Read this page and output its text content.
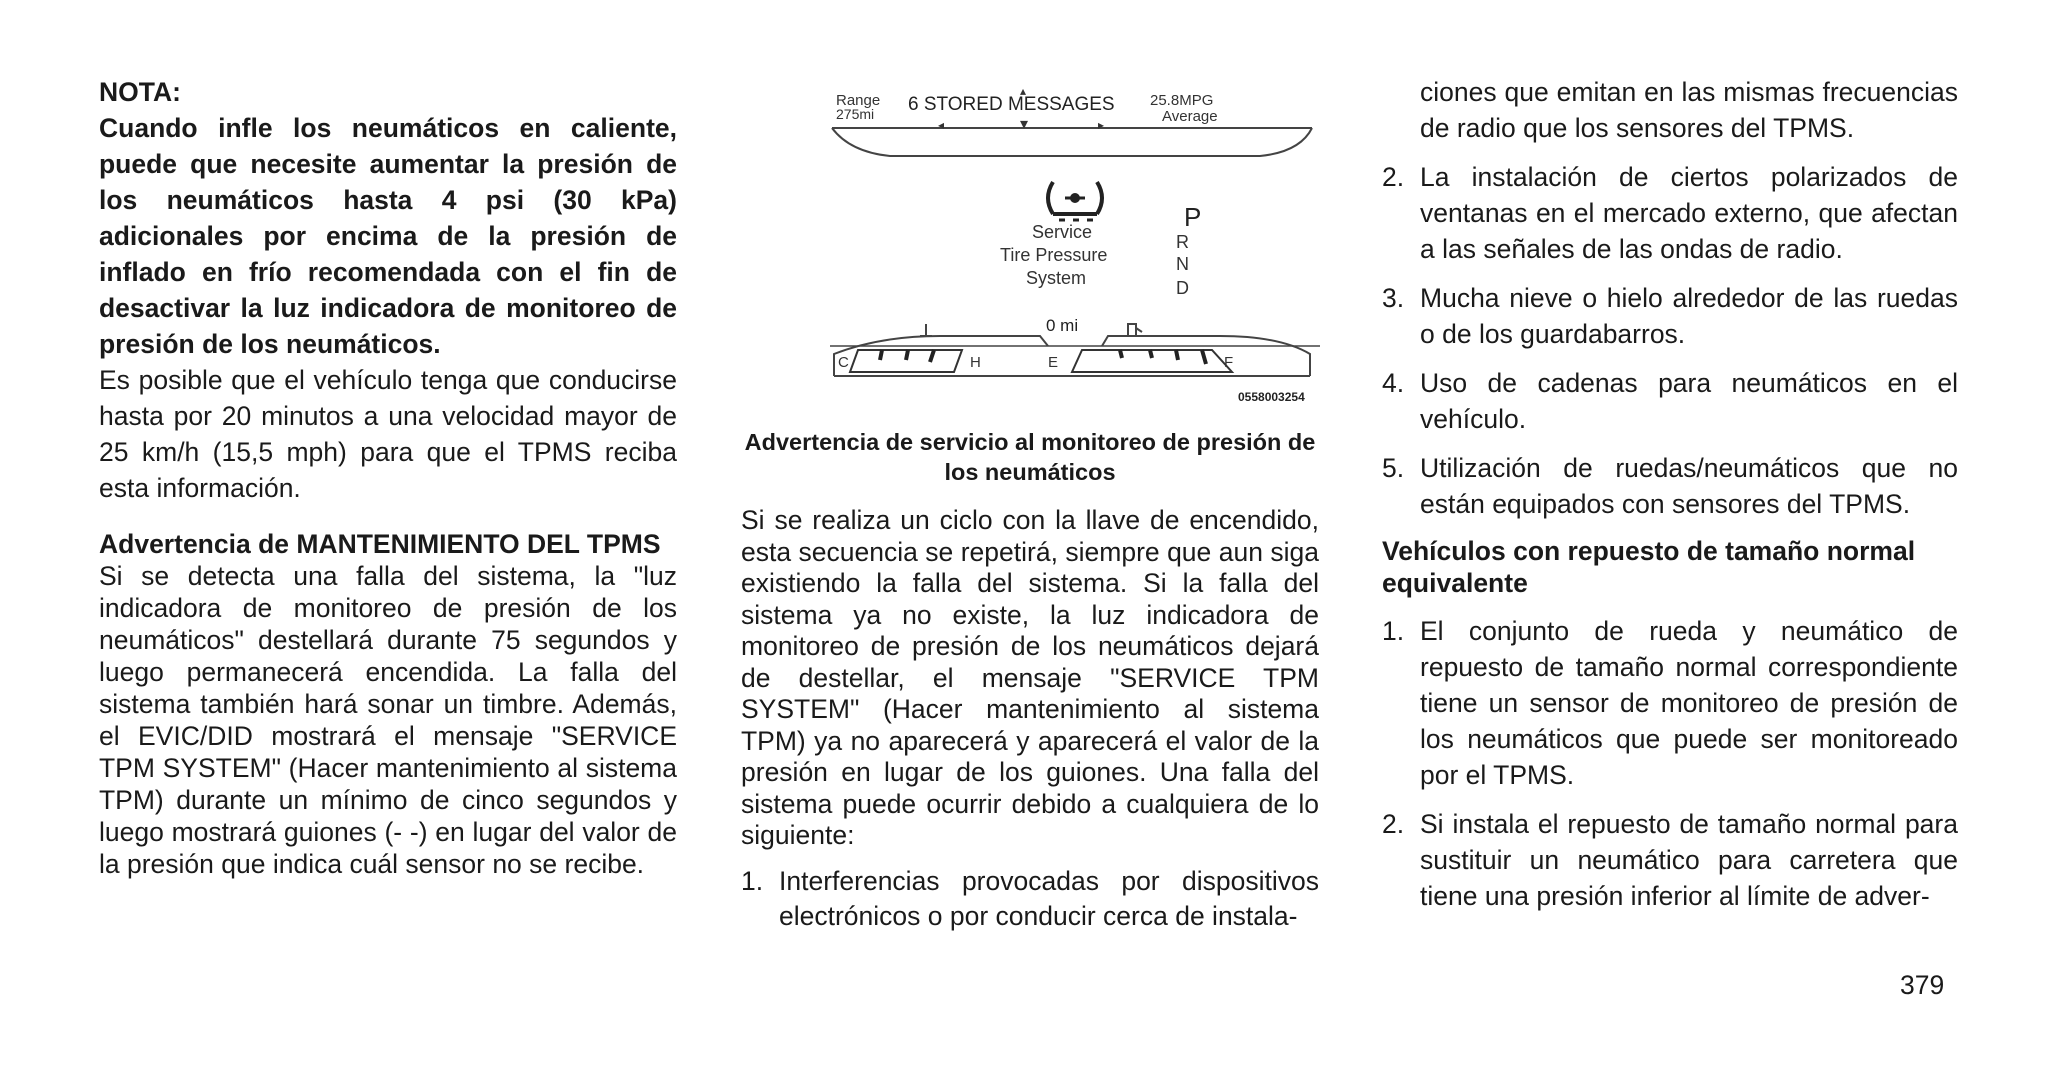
NOTA:

Cuando infle los neumáticos en caliente, puede que necesite aumentar la presión de los neumáticos hasta 4 psi (30 kPa) adicionales por encima de la presión de inflado en frío recomendada con el fin de desactivar la luz indicadora de monitoreo de presión de los neumáticos.

Es posible que el vehículo tenga que conducirse hasta por 20 minutos a una velocidad mayor de 25 km/h (15,5 mph) para que el TPMS reciba esta información.

Advertencia de MANTENIMIENTO DEL TPMS

Si se detecta una falla del sistema, la "luz indicadora de monitoreo de presión de los neumáticos" destellará durante 75 segundos y luego permanecerá encendida. La falla del sistema también hará sonar un timbre. Además, el EVIC/DID mostrará el mensaje "SERVICE TPM SYSTEM" (Hacer mantenimiento al sistema TPM) durante un mínimo de cinco segundos y luego mostrará guiones (- -) en lugar del valor de la presión que indica cuál sensor no se recibe.

Range
275mi 6 STORED MESSAGES
◂	▾	▸
▴
25.8MPG
Average
Service
Tire Pressure
System
P
R
N
D
0 mi
C	H	E	F
0558003254

Advertencia de servicio al monitoreo de presión de los neumáticos

Si se realiza un ciclo con la llave de encendido, esta secuencia se repetirá, siempre que aun siga existiendo la falla del sistema. Si la falla del sistema ya no existe, la luz indicadora de monitoreo de presión de los neumáticos dejará de destellar, el mensaje "SERVICE TPM SYSTEM" (Hacer mantenimiento al sistema TPM) ya no aparecerá y aparecerá el valor de la presión en lugar de los guiones. Una falla del sistema puede ocurrir debido a cualquiera de lo siguiente:

1. Interferencias provocadas por dispositivos electrónicos o por conducir cerca de instala-

ciones que emitan en las mismas frecuencias de radio que los sensores del TPMS.

2. La instalación de ciertos polarizados de ventanas en el mercado externo, que afectan a las señales de las ondas de radio.
3. Mucha nieve o hielo alrededor de las ruedas o de los guardabarros.
4. Uso de cadenas para neumáticos en el vehículo.
5. Utilización de ruedas/neumáticos que no están equipados con sensores del TPMS.

Vehículos con repuesto de tamaño normal equivalente

1. El conjunto de rueda y neumático de repuesto de tamaño normal correspondiente tiene un sensor de monitoreo de presión de los neumáticos que puede ser monitoreado por el TPMS.
2. Si instala el repuesto de tamaño normal para sustituir un neumático para carretera que tiene una presión inferior al límite de adver-
379
